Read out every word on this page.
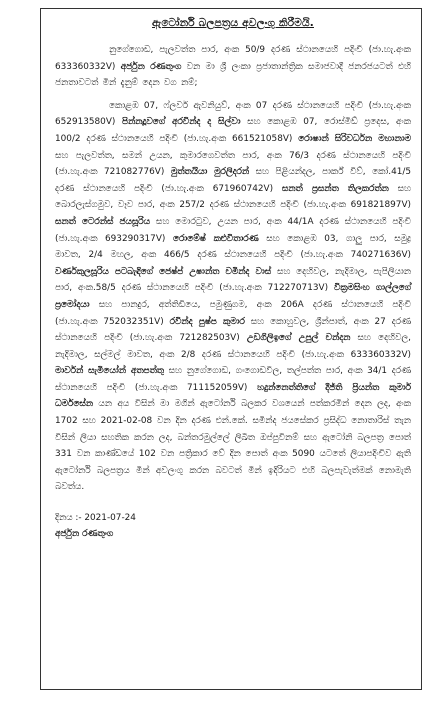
ඇටෝර්නි බලපත්‍රය අවලංගු කිරීමයි.

නුගේගොඩ, පැලවත්ත පාර, අංක 50/9 දරණ ස්ථානයෙහි පදිංචි (ජා.හැ.අංක 633360332V) අර්ජුන රණතුංග වන මා ශ්‍රී ලංකා ප්‍රජාතාන්ත්‍රික සමාජවාදී ජනරජයටත් එහි ජනතාවටත් මින් දැනුම් දෙන වග නම්;

කොළඹ 07, ෆ්ලවර් ඇවනියුව්, අංක 07 දරණ ස්ථානයෙහි පදිංචි (ජා.හැ.අංක 652913580V) පින්නදූවගේ අරවින්ද ද සිල්වා සහ කොළඹ 07, රොස්මිඩ් ප්‍රදෙස, අංක 100/2 දරණ ස්ථානයෙහි පදිංචි (ජා.හැ.අංක 661521058V) රොෂාන් සිරිවර්ධන මහානාම සහ පැලවත්ත, සමන් උයන, කුමාරගෙවත්ත පාර, අංක 76/3 දරණ ස්ථානයෙහි පදිංචි (ජා.හැ.අංක 721082776V) මුත්තයියා මුරලිදරන් සහ පිළියන්දල, පාර්ක් විව්, කෝ.41/5 දරණ ස්ථානයෙහි පදිංචි (ජා.හැ.අංක 671960742V) සනත් ප්‍රසන්ත තිලකරත්න සහ බොරලැස්ගමුව, වෑව පාර, අංක 257/2 දරණ ස්ථානයෙහි පදිංචි (ජා.හැ.අංක 691821897V) සනත් ටෙරන්ස් ජයසූරිය සහ මොරටුව, උයන පාර, අංක 44/1A දරණ ස්ථානයෙහි පදිංචි (ජා.හැ.අංක 693290317V) රොමේෂ් කළුවිතාරණ සහ කොළඹ 03, ගාලු පාර, සමුද්‍ර මාවත, 2/4 මහල, අංක 466/5 දරණ ස්ථානයෙහි පදිංචි (ජා.හැ.අංක 740271636V) වර්ණකුලසූරිය පටබැඳිගේ ජෙෂ්ප් උෂාන්ත චමින්ද වාස් සහ දෙහිවල, නැදිමාල, පැපිලියාන පාර, අංක.58/5 දරණ ස්ථානයෙහි පදිංචි (ජා.හැ.අංක 712270713V) වික්‍රමසිංහ ගාල්ලගේ ප්‍රමෝදයා සහ පානදුර, අත්තිඩියෙ, පමුණුගම, අංක 206A දරණ ස්ථානයෙහි පදිංචි (ජා.හැ.අංක 752032351V) රවින්ද පුෂ්ප කුමාර සහ කොහුවල, ශ්‍රීන්පාත්, අංක 27 දරණ ස්ථානයෙහි පදිංචි (ජා.හැ.අංක 721282503V) උඩගිලිඉගේ උපුල් චන්දන සහ දෙහිවල, නැදිමාල, සල්මල් මාවත, අංක 2/8 දරණ ස්ථානයෙහි පදිංචි (ජා.හැ.අංක 633360332V) මාර්වන් සැමියෝන් අතපත්තු සහ නුගේගොඩ, ගංගොඩවිල, තල්පත්ත පාර, අංක 34/1 දරණ ස්ථානයෙහි පදිංචි (ජා.හැ.අංක 711152059V) හදුන්නෙත්තිගේ දීජ්ති ප්‍රියන්ත කුමාර් ධර්මසේන යන අය විසින් මා මගින් ඇටෝර්නි බලකර වශයෙන් පත්කරමින් දෙන ලද, අංක 1702 සහ 2021-02-08 වන දින දරණ එන්.කේ. සමින්ද ජයසේකර ප්‍රසිද්ධ නොතාරිස් තැන විසින් ලියා සහතික කරන ලද, බන්තරමුල්ලේ ලිඛිත ඔප්පුවිනම් සහ ඇටෝනි බලපත්‍ර පොත් 331 වන කාණ්ඩයේ 102 වන පත්‍රිකාර වේ දින පොත් අංක 5090 යටතේ ලියාපදිංචිව ඇති ඇටෝර්නි බලපත්‍රය මින් අවලංගු කරන බවටත් මින් ඉදිරියට එහි බලපැවැත්මක් නොමැති බවත්ය.

දිනය :- 2021-07-24
අර්ජුන රණතුංග
